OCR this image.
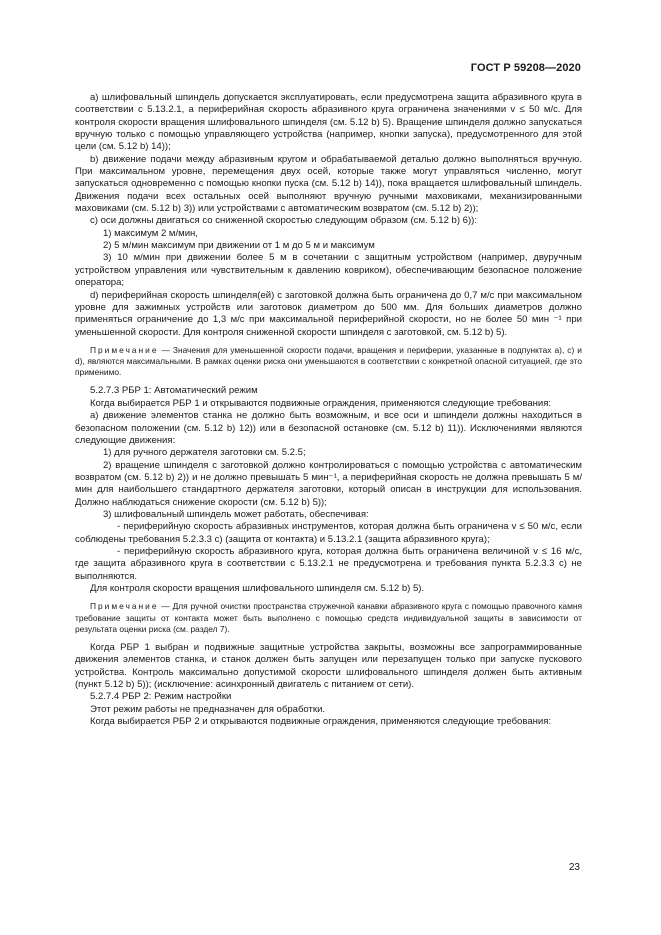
ГОСТ Р 59208—2020

а) шлифовальный шпиндель допускается эксплуатировать, если предусмотрена защита абразивного круга в соответствии с 5.13.2.1, а периферийная скорость абразивного круга ограничена значениями v ≤ 50 м/с. Для контроля скорости вращения шлифовального шпинделя (см. 5.12 b) 5). Вращение шпинделя должно запускаться вручную только с помощью управляющего устройства (например, кнопки запуска), предусмотренного для этой цели (см. 5.12 b) 14));

b) движение подачи между абразивным кругом и обрабатываемой деталью должно выполняться вручную. При максимальном уровне, перемещения двух осей, которые также могут управляться численно, могут запускаться одновременно с помощью кнопки пуска (см. 5.12 b) 14)), пока вращается шлифовальный шпиндель. Движения подачи всех остальных осей выполняют вручную ручными маховиками, механизированными маховиками (см. 5.12 b) 3)) или устройствами с автоматическим возвратом (см. 5.12 b) 2));

c) оси должны двигаться со сниженной скоростью следующим образом (см. 5.12 b) 6)):

1) максимум 2 м/мин,

2) 5 м/мин максимум при движении от 1 м до 5 м и максимум

3) 10 м/мин при движении более 5 м в сочетании с защитным устройством (например, двуручным устройством управления или чувствительным к давлению ковриком), обеспечивающим безопасное положение оператора;

d) периферийная скорость шпинделя(ей) с заготовкой должна быть ограничена до 0,7 м/с при максимальном уровне для зажимных устройств или заготовок диаметром до 500 мм. Для больших диаметров должно применяться ограничение до 1,3 м/с при максимальной периферийной скорости, но не более 50 мин ⁻¹ при уменьшенной скорости. Для контроля сниженной скорости шпинделя с заготовкой, см. 5.12 b) 5).

Примечание — Значения для уменьшенной скорости подачи, вращения и периферии, указанные в подпунктах а), с) и d), являются максимальными. В рамках оценки риска они уменьшаются в соответствии с конкретной опасной ситуацией, где это применимо.

5.2.7.3 РБР 1: Автоматический режим

Когда выбирается РБР 1 и открываются подвижные ограждения, применяются следующие требования:

а) движение элементов станка не должно быть возможным, и все оси и шпиндели должны находиться в безопасном положении (см. 5.12 b) 12)) или в безопасной остановке (см. 5.12 b) 11)). Исключениями являются следующие движения:

1) для ручного держателя заготовки см. 5.2.5;

2) вращение шпинделя с заготовкой должно контролироваться с помощью устройства с автоматическим возвратом (см. 5.12 b) 2)) и не должно превышать 5 мин⁻¹, а периферийная скорость не должна превышать 5 м/мин для наибольшего стандартного держателя заготовки, который описан в инструкции для использования. Должно наблюдаться снижение скорости (см. 5.12 b) 5));

3) шлифовальный шпиндель может работать, обеспечивая:

- периферийную скорость абразивных инструментов, которая должна быть ограничена v ≤ 50 м/с, если соблюдены требования 5.2.3.3 с) (защита от контакта) и 5.13.2.1 (защита абразивного круга);

- периферийную скорость абразивного круга, которая должна быть ограничена величиной v ≤ 16 м/с, где защита абразивного круга в соответствии с 5.13.2.1 не предусмотрена и требования пункта 5.2.3.3 с) не выполняются.

Для контроля скорости вращения шлифовального шпинделя см. 5.12 b) 5).

Примечание — Для ручной очистки пространства стружечной канавки абразивного круга с помощью правочного камня требование защиты от контакта может быть выполнено с помощью средств индивидуальной защиты в зависимости от результата оценки риска (см. раздел 7).

Когда РБР 1 выбран и подвижные защитные устройства закрыты, возможны все запрограммированные движения элементов станка, и станок должен быть запущен или перезапущен только при запуске пускового устройства. Контроль максимально допустимой скорости шлифовального шпинделя должен быть активным (пункт 5.12 b) 5)); (исключение: асинхронный двигатель с питанием от сети).

5.2.7.4 РБР 2: Режим настройки

Этот режим работы не предназначен для обработки.

Когда выбирается РБР 2 и открываются подвижные ограждения, применяются следующие требования:

23
